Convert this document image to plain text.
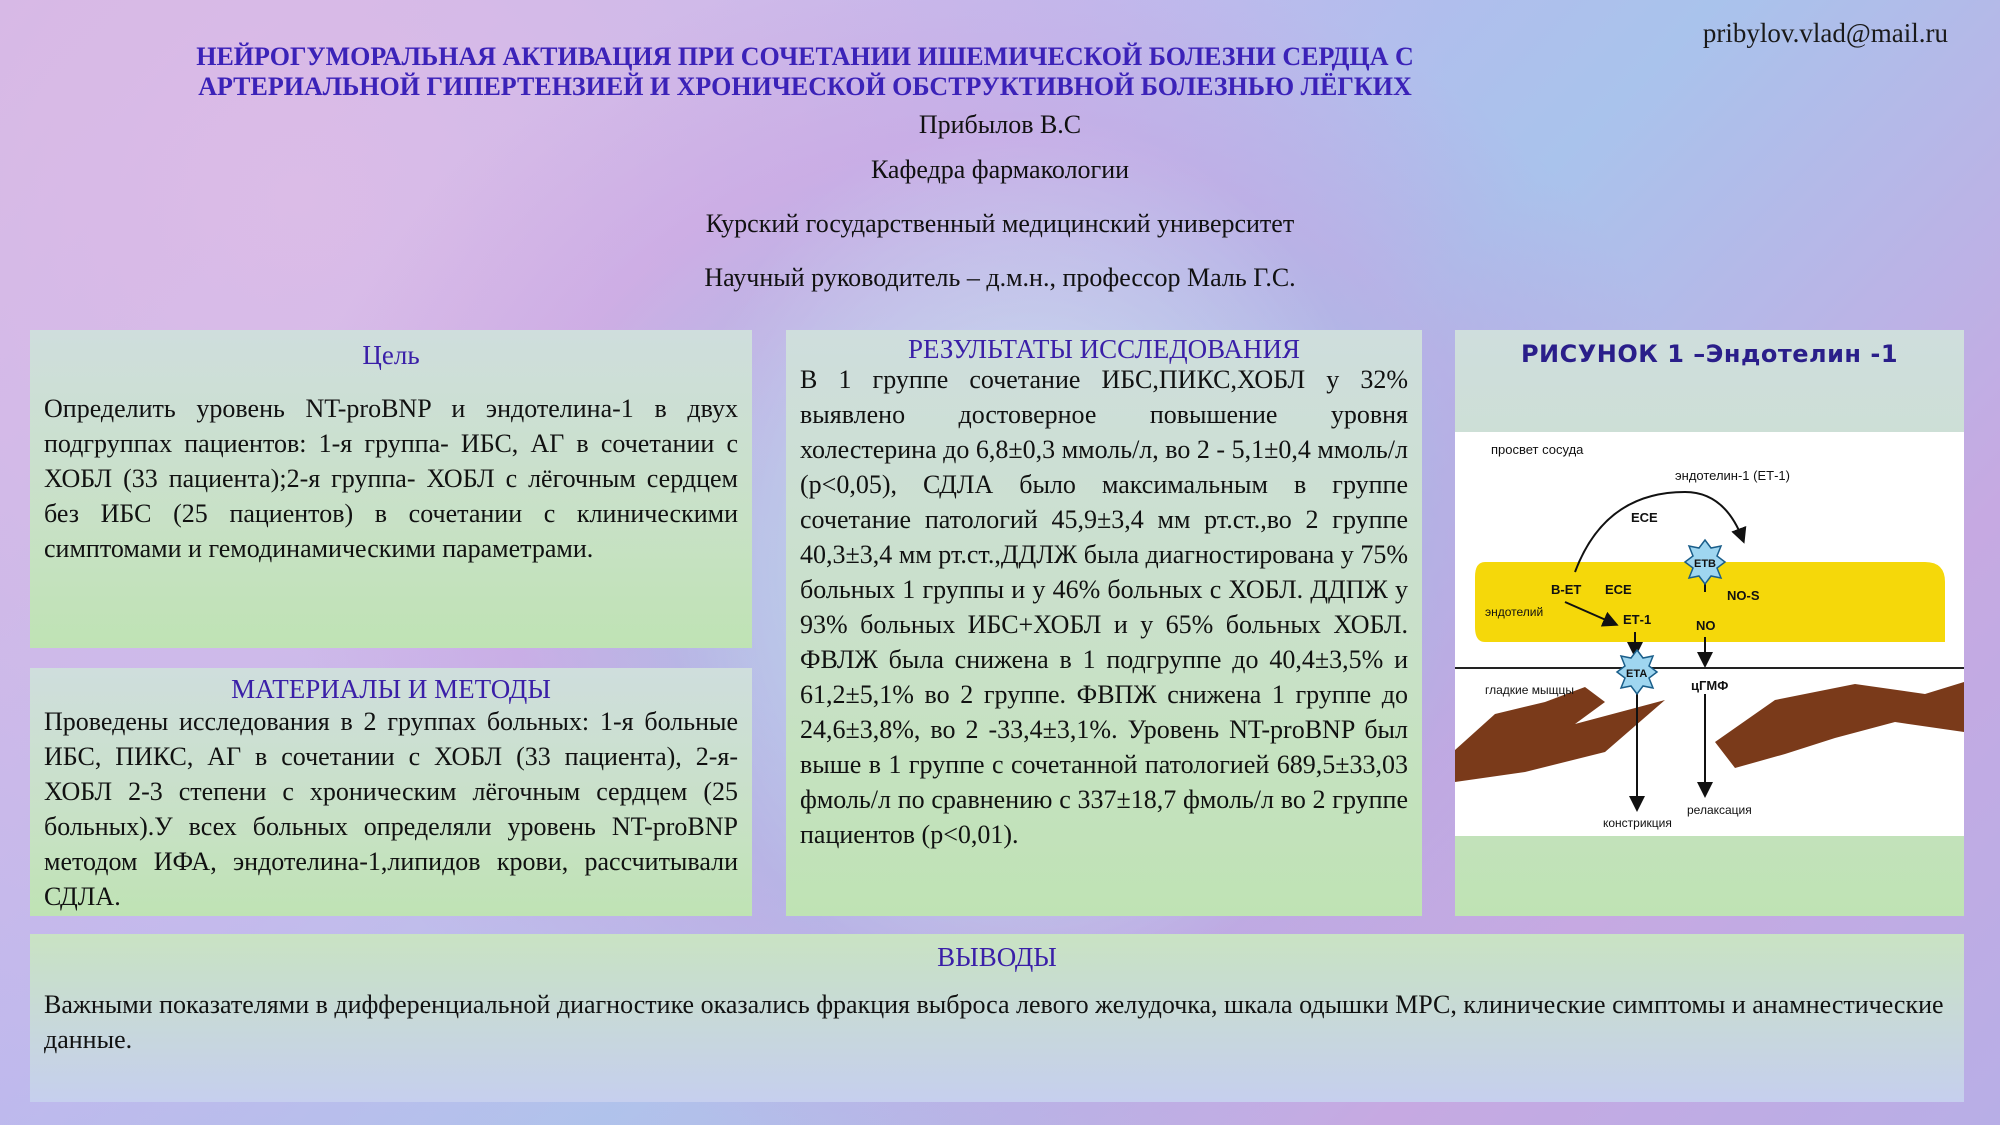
pribylov.vlad@mail.ru
НЕЙРОГУМОРАЛЬНАЯ АКТИВАЦИЯ ПРИ СОЧЕТАНИИ ИШЕМИЧЕСКОЙ БОЛЕЗНИ СЕРДЦА С
АРТЕРИАЛЬНОЙ ГИПЕРТЕНЗИЕЙ И ХРОНИЧЕСКОЙ ОБСТРУКТИВНОЙ БОЛЕЗНЬЮ ЛЁГКИХ
Прибылов В.С
Кафедра фармакологии
Курский государственный медицинский университет
Научный руководитель – д.м.н., профессор Маль Г.С.
Цель
Определить уровень NT-proBNP и эндотелина-1 в двух подгруппах пациентов: 1-я группа- ИБС, АГ в сочетании с ХОБЛ (33 пациента);2-я группа- ХОБЛ с лёгочным сердцем без ИБС (25 пациентов) в сочетании с клиническими симптомами и гемодинамическими параметрами.
МАТЕРИАЛЫ И МЕТОДЫ
Проведены исследования в 2 группах больных: 1-я больные ИБС, ПИКС, АГ в сочетании с ХОБЛ (33 пациента), 2-я-ХОБЛ 2-3 степени с хроническим лёгочным сердцем (25 больных).У всех больных определяли уровень NT-proBNP методом ИФА, эндотелина-1,липидов крови, рассчитывали СДЛА.
РЕЗУЛЬТАТЫ ИССЛЕДОВАНИЯ
В 1 группе сочетание ИБС,ПИКС,ХОБЛ у 32% выявлено достоверное повышение уровня холестерина до 6,8±0,3 ммоль/л, во 2 - 5,1±0,4 ммоль/л (р<0,05), СДЛА было максимальным в группе сочетание патологий 45,9±3,4 мм рт.ст.,во 2 группе 40,3±3,4 мм рт.ст.,ДДЛЖ была диагностирована у 75% больных 1 группы и у 46% больных с ХОБЛ. ДДПЖ у 93% больных ИБС+ХОБЛ и у 65% больных ХОБЛ. ФВЛЖ была снижена в 1 подгруппе до 40,4±3,5% и 61,2±5,1% во 2 группе. ФВПЖ снижена 1 группе до 24,6±3,8%, во 2 -33,4±3,1%. Уровень NT-proBNP был выше в 1 группе с сочетанной патологией 689,5±33,03 фмоль/л по сравнению с 337±18,7 фмоль/л во 2 группе пациентов (р<0,01).
РИСУНОК 1 –Эндотелин -1
просвет сосуда
эндотелин-1 (ЕТ-1)
ЕСЕ
ЕТВ
В-ЕТ ЕСЕ
ЕТ-1
NO-S
NO
эндотелий
ЕТА
гладкие мыщцы	цГМФ
констрикция
релаксация
ВЫВОДЫ
Важными показателями в дифференциальной диагностике оказались фракция выброса левого желудочка, шкала одышки МРС, клинические симптомы и анамнестические данные.
